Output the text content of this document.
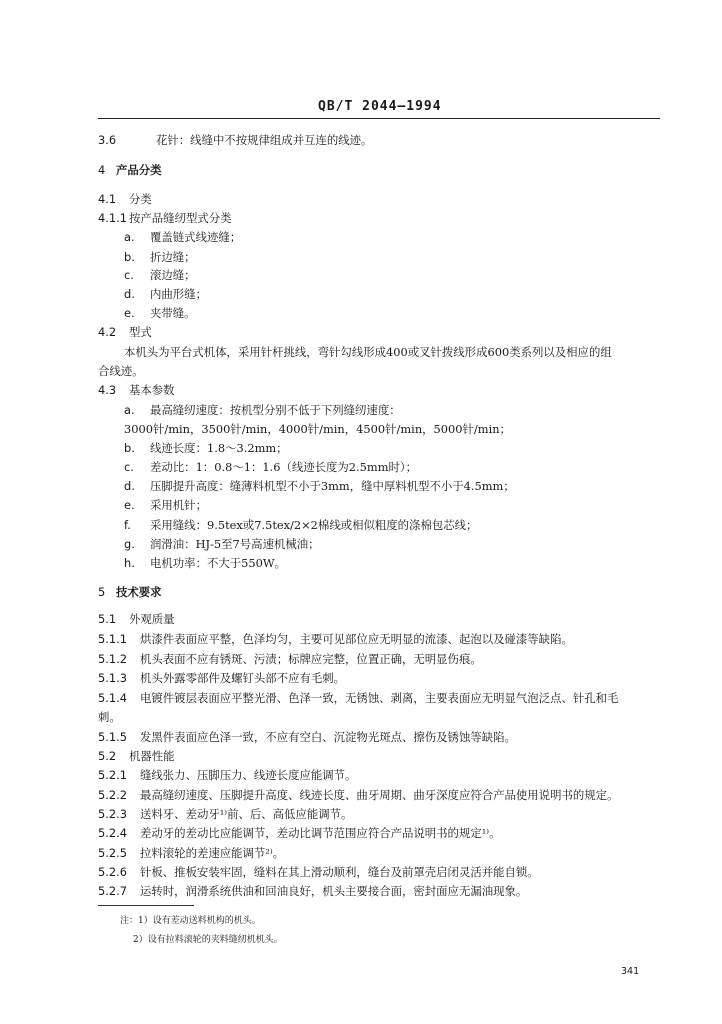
QB/T 2044—1994
3.6	花针：线缝中不按规律组成并互连的线迹。
4 产品分类
4.1 分类
4.1.1 按产品缝纫型式分类
a. 覆盖链式线迹缝；
b. 折边缝；
c. 滚边缝；
d. 内曲形缝；
e. 夹带缝。
4.2 型式
本机头为平台式机体，采用针杆挑线，弯针勾线形成400或叉针拨线形成600类系列以及相应的组
合线迹。
4.3 基本参数
a. 最高缝纫速度：按机型分别不低于下列缝纫速度：
3000针/min，3500针/min，4000针/min，4500针/min，5000针/min；
b. 线迹长度：1.8～3.2mm；
c. 差动比：1：0.8～1：1.6（线迹长度为2.5mm时）；
d. 压脚提升高度：缝薄料机型不小于3mm，缝中厚料机型不小于4.5mm；
e. 采用机针；
f. 采用缝线：9.5tex或7.5tex/2×2棉线或相似粗度的涤棉包芯线；
g. 润滑油：HJ-5至7号高速机械油；
h. 电机功率：不大于550W。
5 技术要求
5.1 外观质量
5.1.1 烘漆件表面应平整，色泽均匀，主要可见部位应无明显的流漆、起泡以及碰漆等缺陷。
5.1.2 机头表面不应有锈斑、污渍；标牌应完整，位置正确，无明显伤痕。
5.1.3 机头外露零部件及螺钉头部不应有毛刺。
5.1.4 电镀件镀层表面应平整光滑、色泽一致，无锈蚀、剥离，主要表面应无明显气泡泛点、针孔和毛
刺。
5.1.5 发黑件表面应色泽一致，不应有空白、沉淀物光斑点、擦伤及锈蚀等缺陷。
5.2 机器性能
5.2.1 缝线张力、压脚压力、线迹长度应能调节。
5.2.2 最高缝纫速度、压脚提升高度、线迹长度、曲牙周期、曲牙深度应符合产品使用说明书的规定。
5.2.3 送料牙、差动牙¹⁾前、后、高低应能调节。
5.2.4 差动牙的差动比应能调节，差动比调节范围应符合产品说明书的规定¹⁾。
5.2.5 拉料滚轮的差速应能调节²⁾。
5.2.6 针板、推板安装牢固，缝料在其上滑动顺利，缝台及前罩壳启闭灵活并能自锁。
5.2.7 运转时，润滑系统供油和回油良好，机头主要接合面，密封面应无漏油现象。
注：1）设有差动送料机构的机头。
2）设有拉料滚轮的夹料缝纫机机头。
341
